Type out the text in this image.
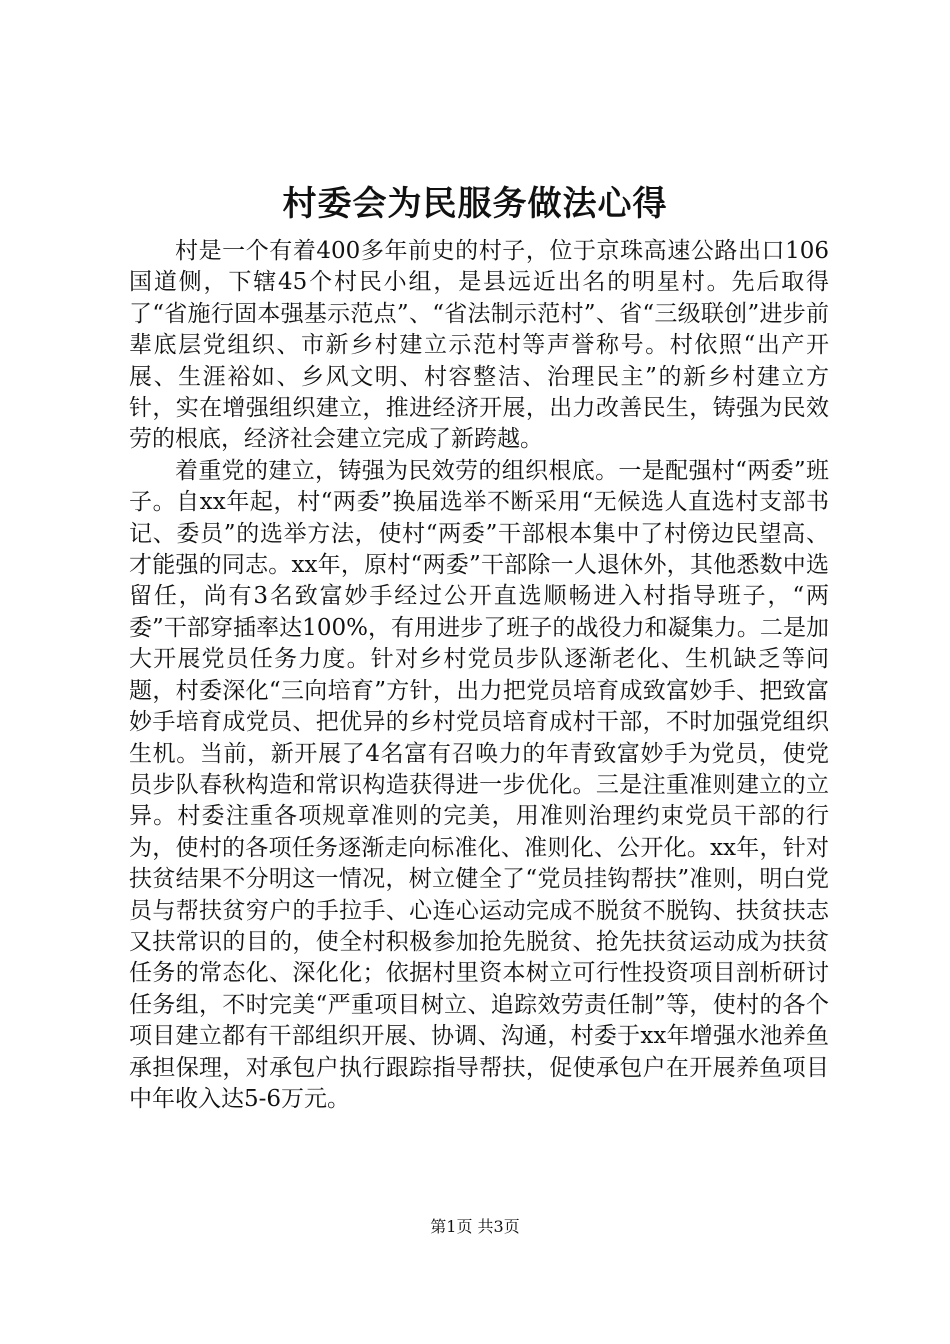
村委会为民服务做法心得

村是一个有着400多年前史的村子，位于京珠高速公路出口106国道侧，下辖45个村民小组，是县远近出名的明星村。先后取得了“省施行固本强基示范点”、“省法制示范村”、省“三级联创”进步前辈底层党组织、市新乡村建立示范村等声誉称号。村依照“出产开展、生涯裕如、乡风文明、村容整洁、治理民主”的新乡村建立方针，实在增强组织建立，推进经济开展，出力改善民生，铸强为民效劳的根底，经济社会建立完成了新跨越。

着重党的建立，铸强为民效劳的组织根底。一是配强村“两委”班子。自xx年起，村“两委”换届选举不断采用“无候选人直选村支部书记、委员”的选举方法，使村“两委”干部根本集中了村傍边民望高、才能强的同志。xx年，原村“两委”干部除一人退休外，其他悉数中选留任，尚有3名致富妙手经过公开直选顺畅进入村指导班子，“两委”干部穿插率达100%，有用进步了班子的战役力和凝集力。二是加大开展党员任务力度。针对乡村党员步队逐渐老化、生机缺乏等问题，村委深化“三向培育”方针，出力把党员培育成致富妙手、把致富妙手培育成党员、把优异的乡村党员培育成村干部，不时加强党组织生机。当前，新开展了4名富有召唤力的年青致富妙手为党员，使党员步队春秋构造和常识构造获得进一步优化。三是注重准则建立的立异。村委注重各项规章准则的完美，用准则治理约束党员干部的行为，使村的各项任务逐渐走向标准化、准则化、公开化。xx年，针对扶贫结果不分明这一情况，树立健全了“党员挂钩帮扶”准则，明白党员与帮扶贫穷户的手拉手、心连心运动完成不脱贫不脱钩、扶贫扶志又扶常识的目的，使全村积极参加抢先脱贫、抢先扶贫运动成为扶贫任务的常态化、深化化；依据村里资本树立可行性投资项目剖析研讨任务组，不时完美“严重项目树立、追踪效劳责任制”等，使村的各个项目建立都有干部组织开展、协调、沟通，村委于xx年增强水池养鱼承担保理，对承包户执行跟踪指导帮扶，促使承包户在开展养鱼项目中年收入达5-6万元。

第1页 共3页
